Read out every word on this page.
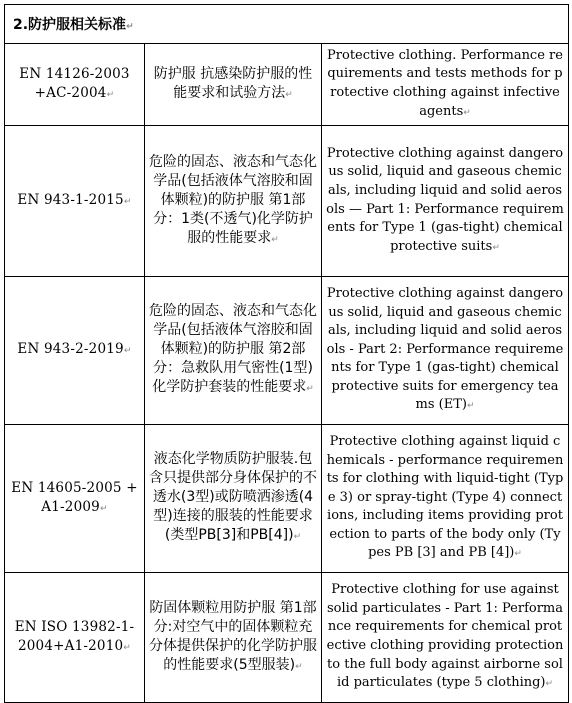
2.防护服相关标准↵		
EN 14126-2003 +AC-2004↵	防护服 抗感染防护服的性能要求和试验方法↵	Protective clothing. Performance requirements and tests methods for protective clothing against infective agents↵
EN 943-1-2015↵	危险的固态、液态和气态化学品(包括液体气溶胶和固体颗粒)的防护服 第1部分：1类(不透气)化学防护服的性能要求↵	Protective clothing against dangerous solid, liquid and gaseous chemicals, including liquid and solid aerosols — Part 1: Performance requirements for Type 1 (gas-tight) chemical protective suits↵
EN 943-2-2019↵	危险的固态、液态和气态化学品(包括液体气溶胶和固体颗粒)的防护服 第2部分：急救队用气密性(1型)化学防护套装的性能要求↵	Protective clothing against dangerous solid, liquid and gaseous chemicals, including liquid and solid aerosols - Part 2: Performance requirements for Type 1 (gas-tight) chemical protective suits for emergency teams (ET)↵
EN 14605-2005 + A1-2009↵	液态化学物质防护服装.包含只提供部分身体保护的不透水(3型)或防喷洒渗透(4型)连接的服装的性能要求(类型PB[3]和PB[4])↵	Protective clothing against liquid chemicals - performance requirements for clothing with liquid-tight (Type 3) or spray-tight (Type 4) connections, including items providing protection to parts of the body only (Types PB [3] and PB [4])↵
EN ISO 13982-1-2004+A1-2010↵	防固体颗粒用防护服 第1部分:对空气中的固体颗粒充分体提供保护的化学防护服的性能要求(5型服装)↵	Protective clothing for use against solid particulates - Part 1: Performance requirements for chemical protective clothing providing protection to the full body against airborne solid particulates (type 5 clothing)↵
